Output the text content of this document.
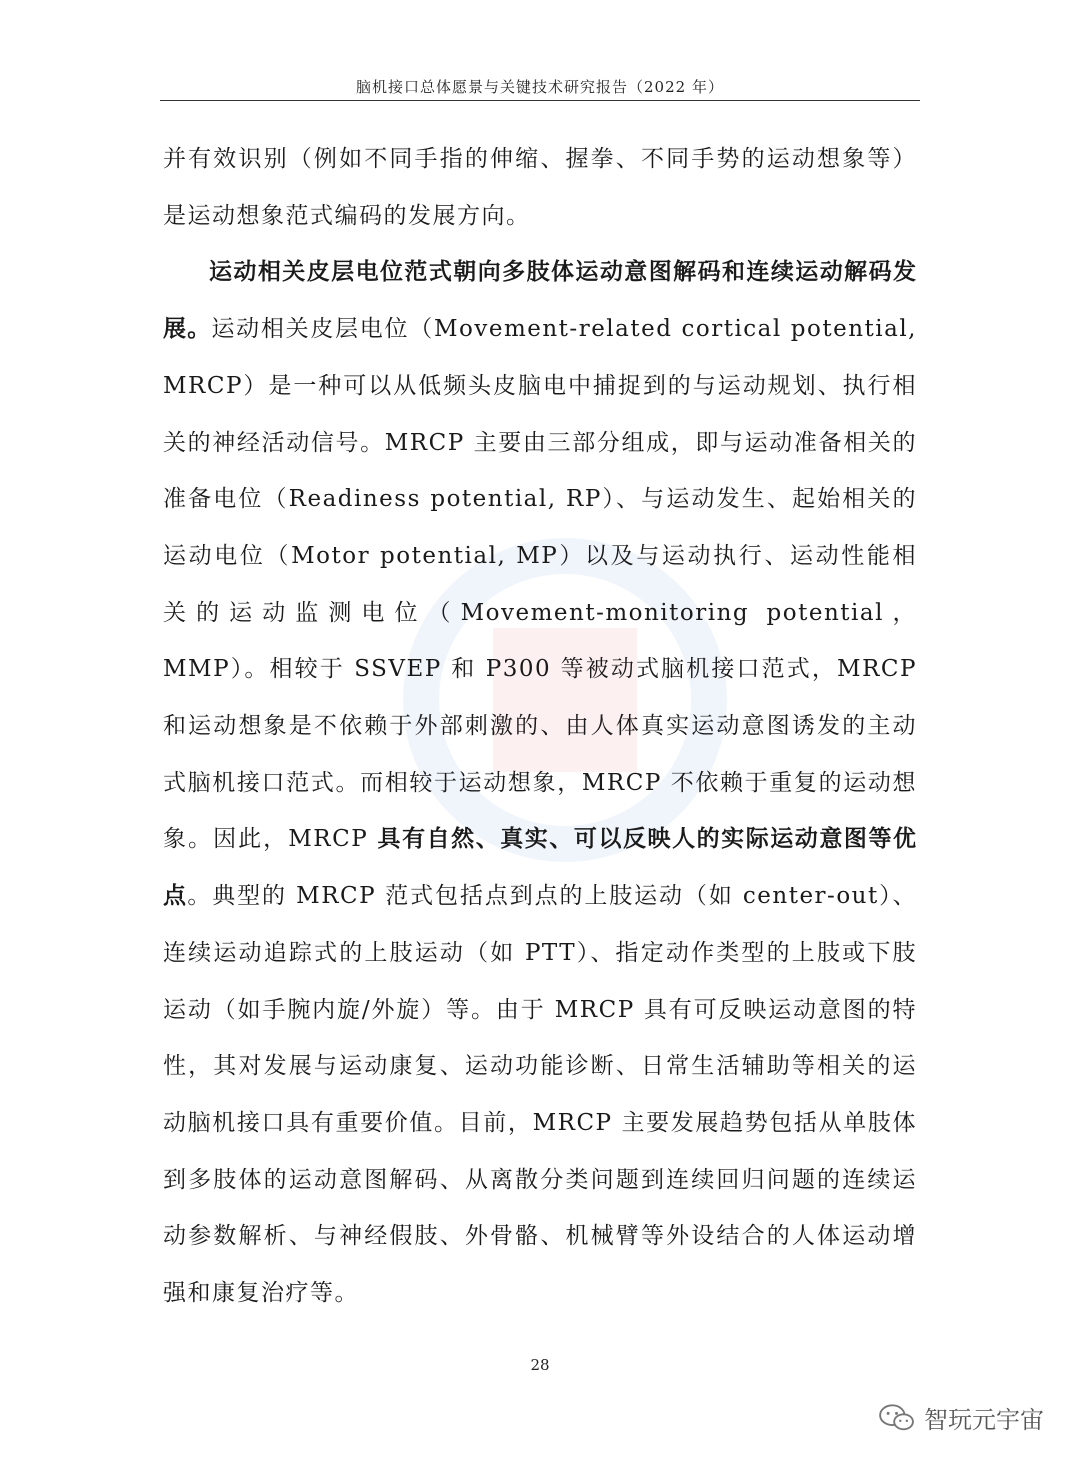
脑机接口总体愿景与关键技术研究报告（2022 年）

并有效识别（例如不同手指的伸缩、握拳、不同手势的运动想象等）是运动想象范式编码的发展方向。

运动相关皮层电位范式朝向多肢体运动意图解码和连续运动解码发展。运动相关皮层电位（Movement-related cortical potential, MRCP）是一种可以从低频头皮脑电中捕捉到的与运动规划、执行相关的神经活动信号。MRCP 主要由三部分组成，即与运动准备相关的准备电位（Readiness potential, RP）、与运动发生、起始相关的运动电位（Motor potential, MP）以及与运动执行、运动性能相关的运动监测电位（Movement-monitoring potential，MMP）。相较于 SSVEP 和 P300 等被动式脑机接口范式，MRCP 和运动想象是不依赖于外部刺激的、由人体真实运动意图诱发的主动式脑机接口范式。而相较于运动想象，MRCP 不依赖于重复的运动想象。因此，MRCP 具有自然、真实、可以反映人的实际运动意图等优点。典型的 MRCP 范式包括点到点的上肢运动（如 center-out）、连续运动追踪式的上肢运动（如 PTT）、指定动作类型的上肢或下肢运动（如手腕内旋/外旋）等。由于 MRCP 具有可反映运动意图的特性，其对发展与运动康复、运动功能诊断、日常生活辅助等相关的运动脑机接口具有重要价值。目前，MRCP 主要发展趋势包括从单肢体到多肢体的运动意图解码、从离散分类问题到连续回归问题的连续运动参数解析、与神经假肢、外骨骼、机械臂等外设结合的人体运动增强和康复治疗等。

28
智玩元宇宙
